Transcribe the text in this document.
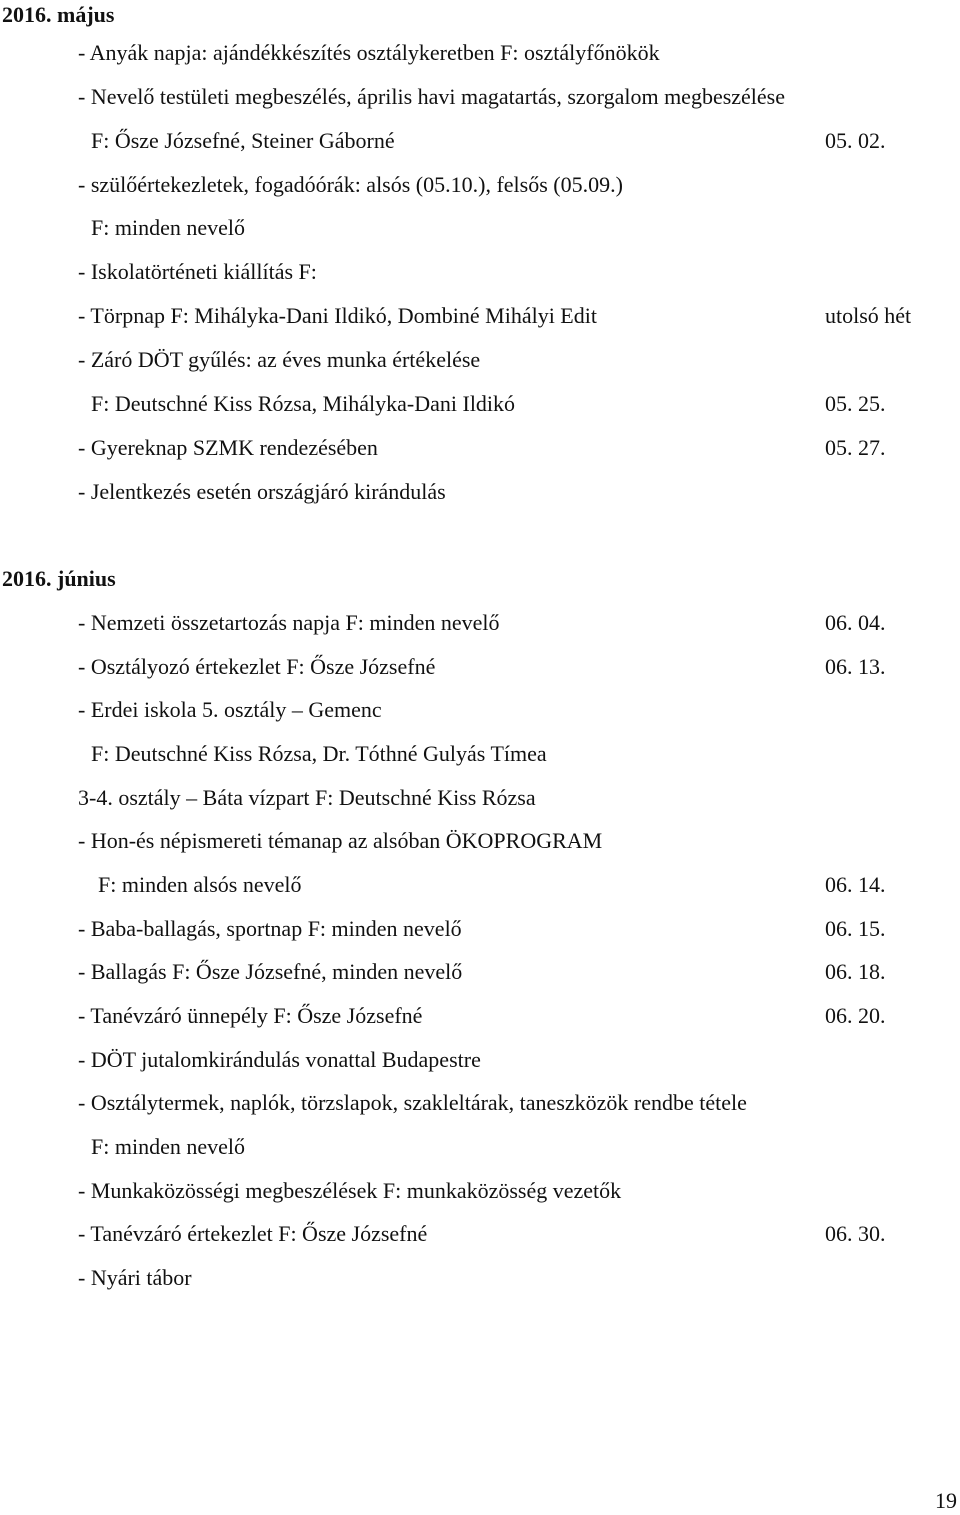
2016. május
- Anyák napja: ajándékkészítés osztálykeretben F: osztályfőnökök
- Nevelő testületi megbeszélés, április havi magatartás, szorgalom megbeszélése
F: Ősze Józsefné, Steiner Gáborné	05. 02.
- szülőértekezletek, fogadóórák: alsós (05.10.), felsős (05.09.)
F: minden nevelő
- Iskolatörténeti kiállítás F:
- Törpnap F: Mihályka-Dani Ildikó, Dombiné Mihályi Edit	utolsó hét
- Záró DÖT gyűlés: az éves munka értékelése
F: Deutschné Kiss Rózsa, Mihályka-Dani Ildikó	05. 25.
- Gyereknap SZMK rendezésében	05. 27.
- Jelentkezés esetén országjáró kirándulás
2016. június
- Nemzeti összetartozás napja F: minden nevelő	06. 04.
- Osztályozó értekezlet F: Ősze Józsefné	06. 13.
- Erdei iskola 5. osztály – Gemenc
F: Deutschné Kiss Rózsa, Dr. Tóthné Gulyás Tímea
3-4. osztály – Báta vízpart F: Deutschné Kiss Rózsa
- Hon-és népismereti témanap az alsóban ÖKOPROGRAM
F: minden alsós nevelő	06. 14.
- Baba-ballagás, sportnap F: minden nevelő	06. 15.
- Ballagás F: Ősze Józsefné, minden nevelő	06. 18.
- Tanévzáró ünnepély F: Ősze Józsefné	06. 20.
- DÖT jutalomkirándulás vonattal Budapestre
- Osztálytermek, naplók, törzslapok, szakleltárak, taneszközök rendbe tétele
F: minden nevelő
- Munkaközösségi megbeszélések F: munkaközösség vezetők
- Tanévzáró értekezlet F: Ősze Józsefné	06. 30.
- Nyári tábor
19
